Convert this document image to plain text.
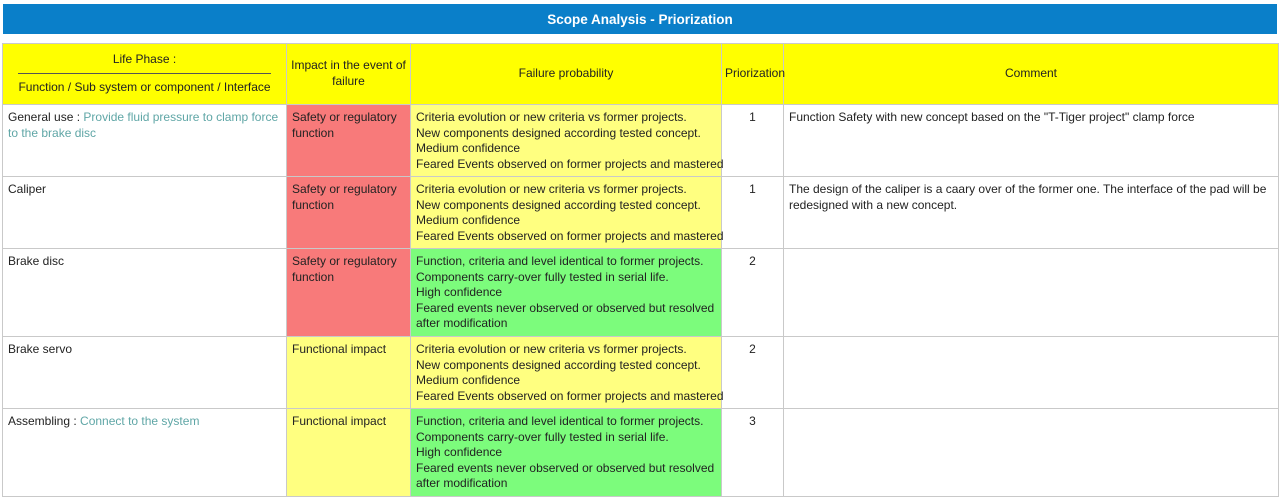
Scope Analysis - Priorization
Life Phase :
Function / Sub system or component / Interface	Impact in the event of failure	Failure probability	Priorization	Comment
General use : Provide fluid pressure to clamp force to the brake disc	Safety or regulatory function	Criteria evolution or new criteria vs former projects.
New components designed according tested concept.
Medium confidence
Feared Events observed on former projects and mastered	1	Function Safety with new concept based on the "T-Tiger project" clamp force
Caliper	Safety or regulatory function	Criteria evolution or new criteria vs former projects.
New components designed according tested concept.
Medium confidence
Feared Events observed on former projects and mastered	1	The design of the caliper is a caary over of the former one. The interface of the pad will be redesigned with a new concept.
Brake disc	Safety or regulatory function	Function, criteria and level identical to former projects.
Components carry-over fully tested in serial life.
High confidence
Feared events never observed or observed but resolved after modification	2	
Brake servo	Functional impact	Criteria evolution or new criteria vs former projects.
New components designed according tested concept.
Medium confidence
Feared Events observed on former projects and mastered	2	
Assembling : Connect to the system	Functional impact	Function, criteria and level identical to former projects.
Components carry-over fully tested in serial life.
High confidence
Feared events never observed or observed but resolved after modification	3	
